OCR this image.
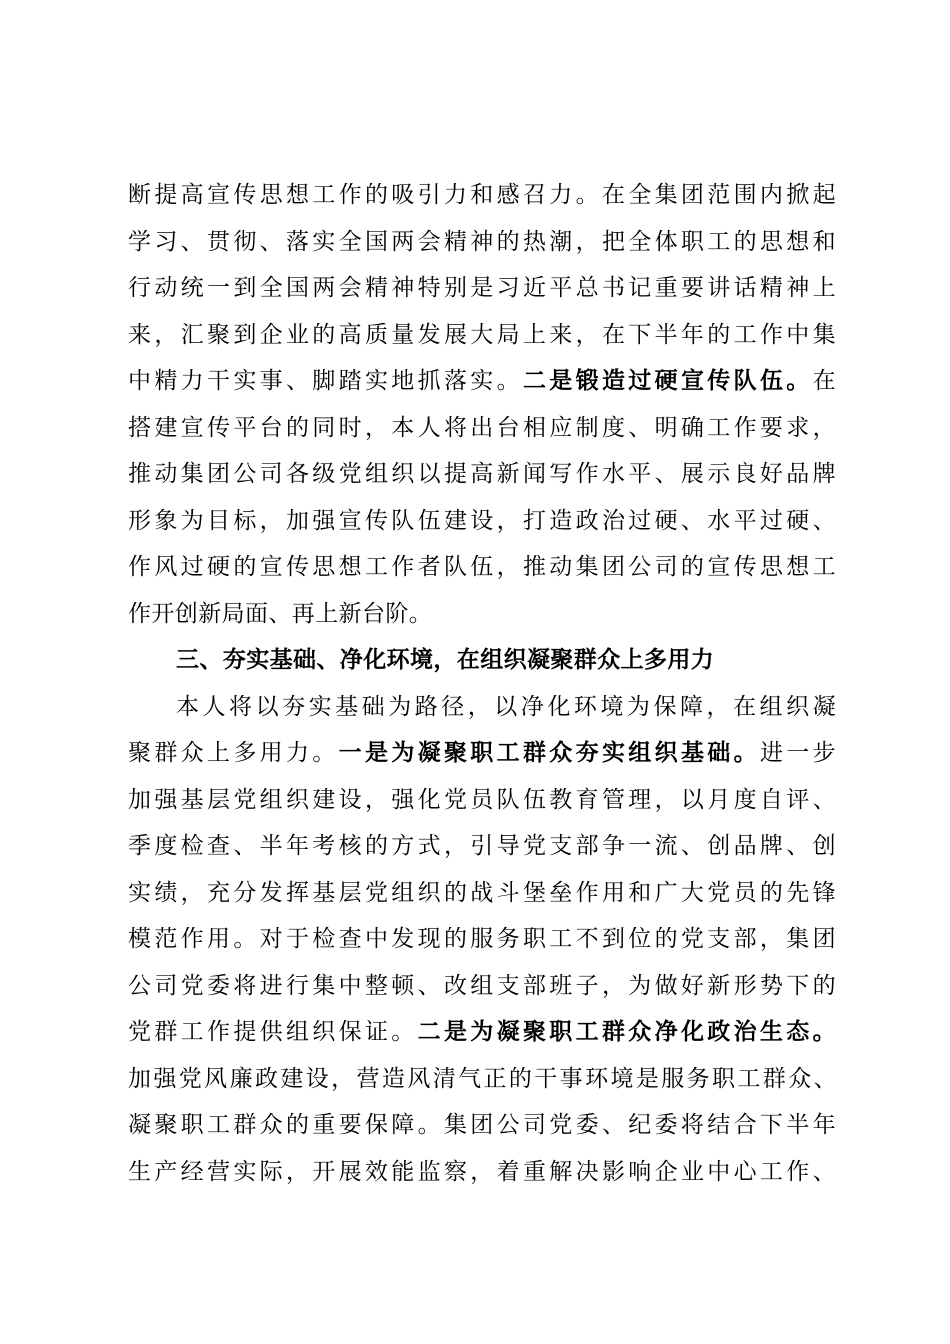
断提高宣传思想工作的吸引力和感召力。在全集团范围内掀起
学习、贯彻、落实全国两会精神的热潮，把全体职工的思想和
行动统一到全国两会精神特别是习近平总书记重要讲话精神上
来，汇聚到企业的高质量发展大局上来，在下半年的工作中集
中精力干实事、脚踏实地抓落实。二是锻造过硬宣传队伍。在
搭建宣传平台的同时，本人将出台相应制度、明确工作要求，
推动集团公司各级党组织以提高新闻写作水平、展示良好品牌
形象为目标，加强宣传队伍建设，打造政治过硬、水平过硬、
作风过硬的宣传思想工作者队伍，推动集团公司的宣传思想工
作开创新局面、再上新台阶。
三、夯实基础、净化环境，在组织凝聚群众上多用力
本人将以夯实基础为路径，以净化环境为保障，在组织凝
聚群众上多用力。一是为凝聚职工群众夯实组织基础。进一步
加强基层党组织建设，强化党员队伍教育管理，以月度自评、
季度检查、半年考核的方式，引导党支部争一流、创品牌、创
实绩，充分发挥基层党组织的战斗堡垒作用和广大党员的先锋
模范作用。对于检查中发现的服务职工不到位的党支部，集团
公司党委将进行集中整顿、改组支部班子，为做好新形势下的
党群工作提供组织保证。二是为凝聚职工群众净化政治生态。
加强党风廉政建设，营造风清气正的干事环境是服务职工群众、
凝聚职工群众的重要保障。集团公司党委、纪委将结合下半年
生产经营实际，开展效能监察，着重解决影响企业中心工作、
